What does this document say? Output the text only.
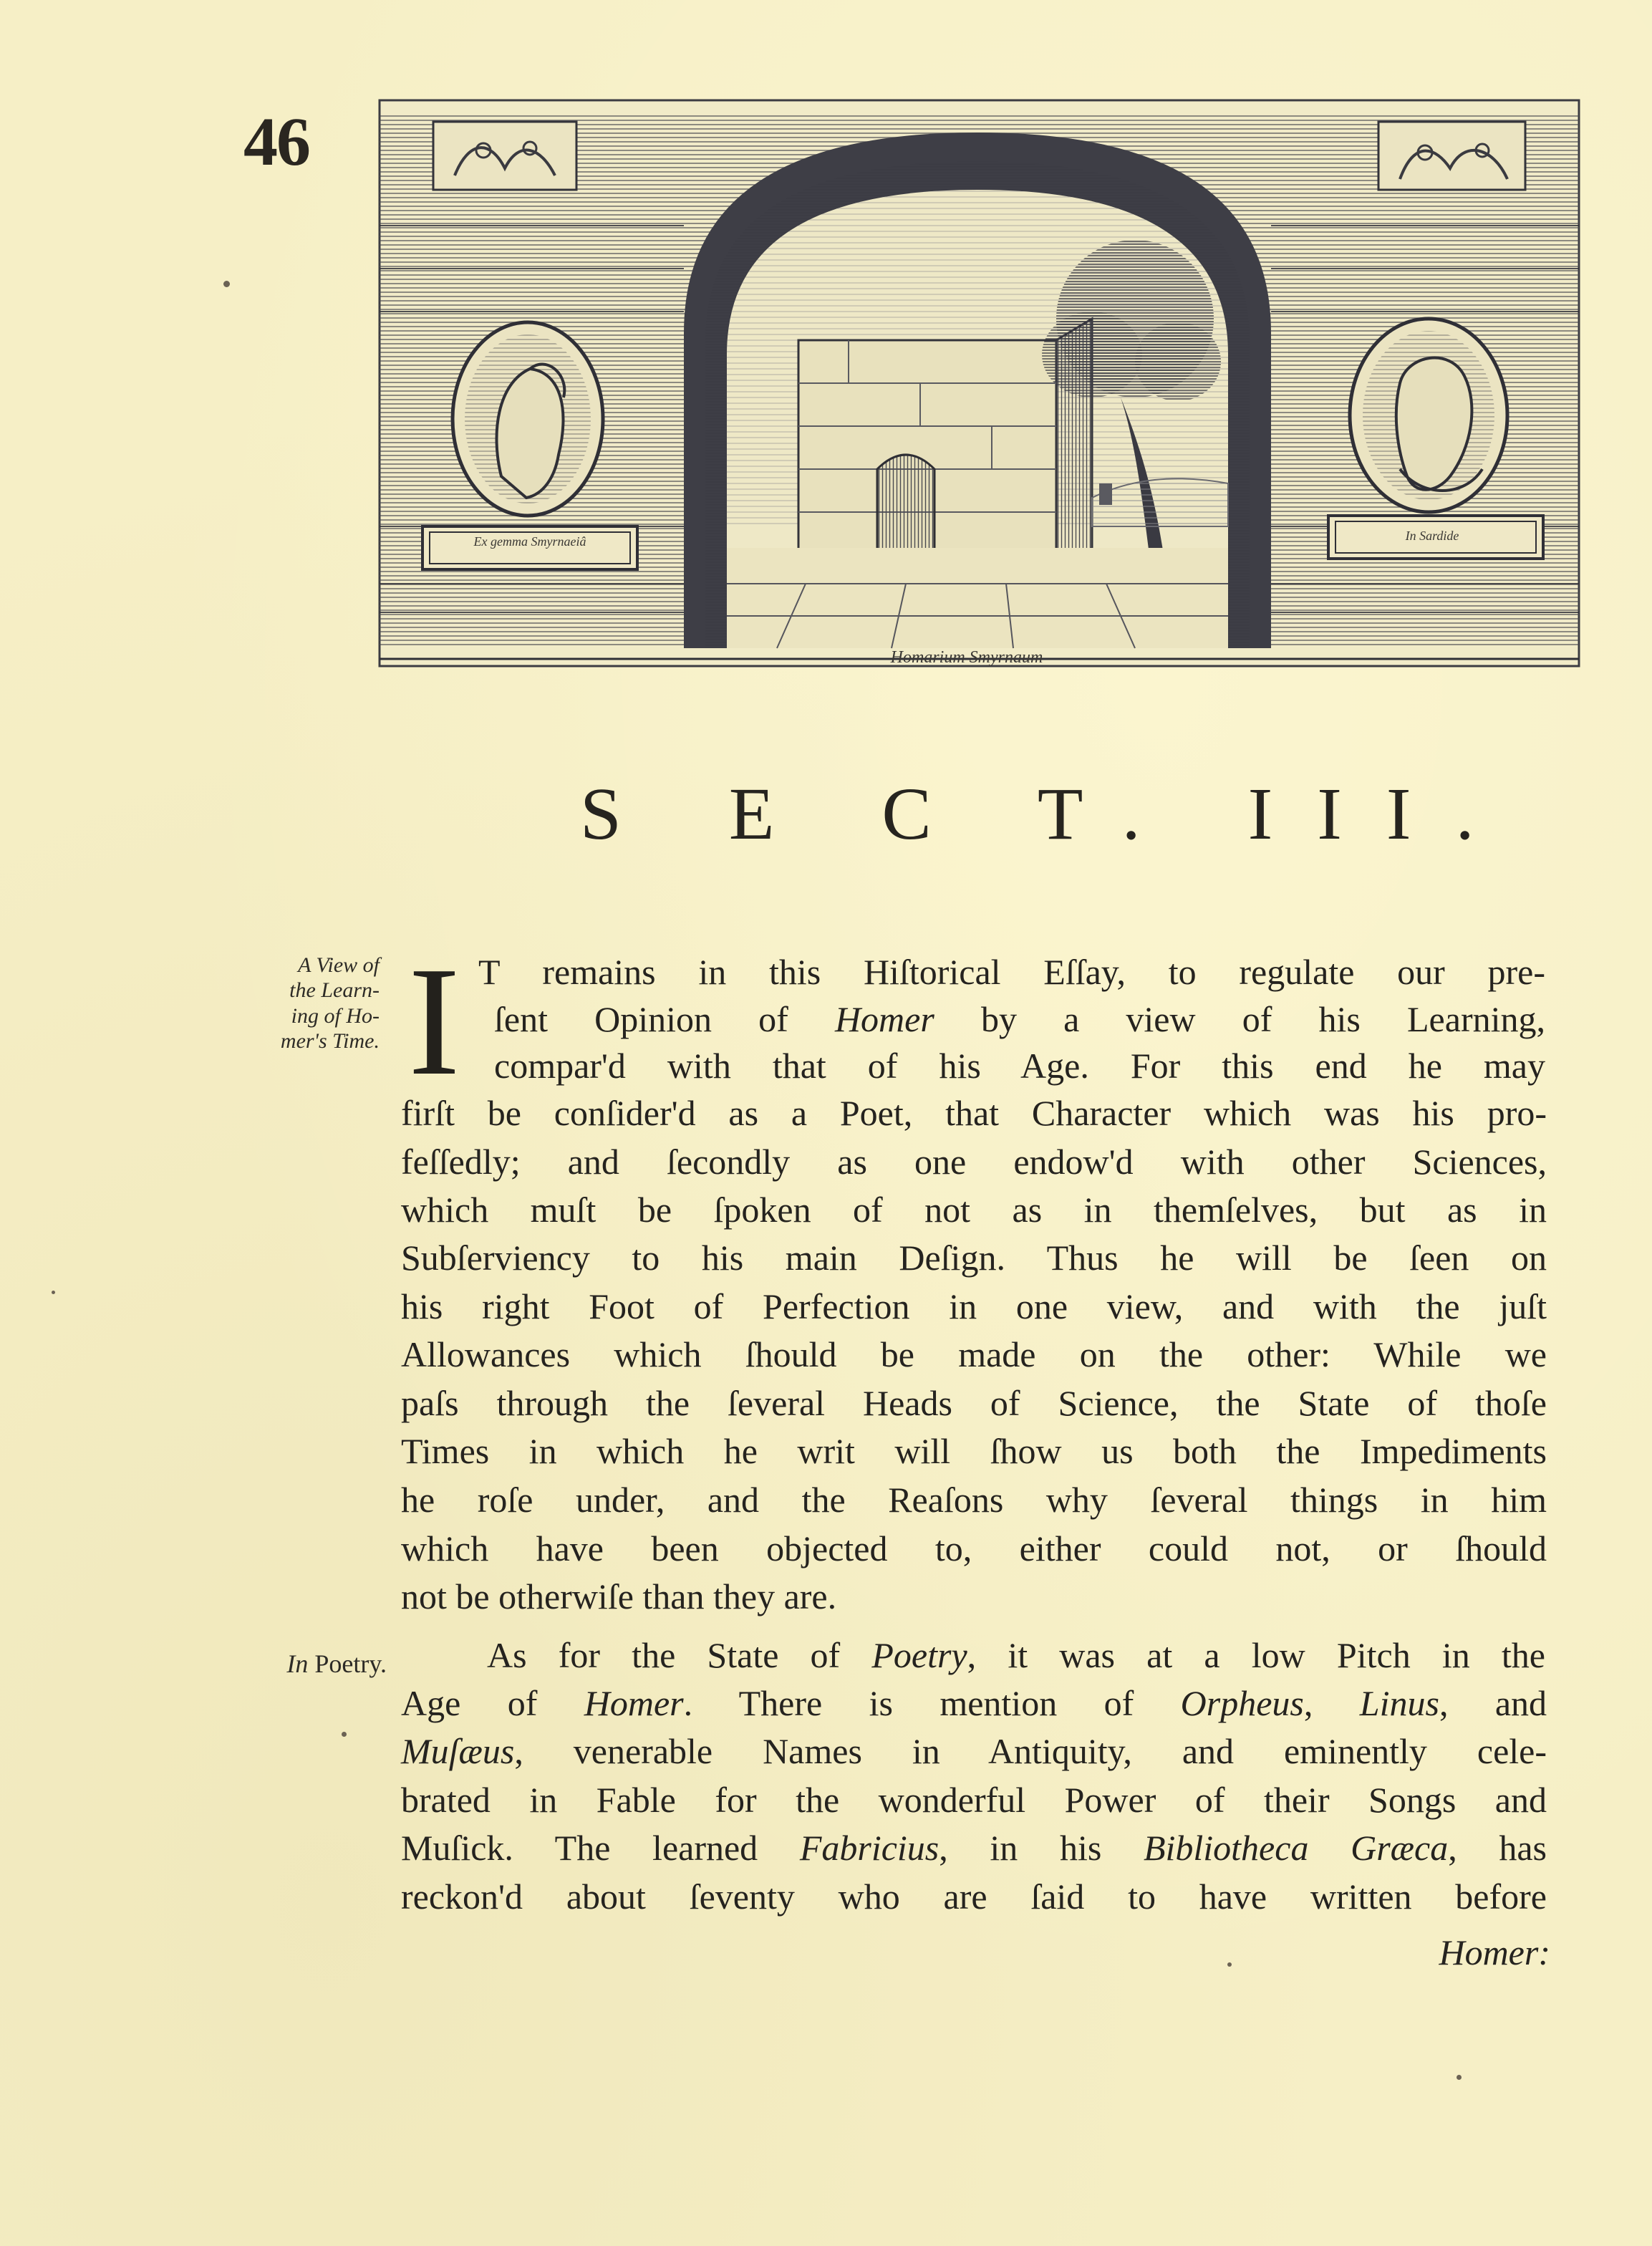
46
Ex gemma Smyrnaeiâ	In Sardide
Homarium Smyrnaum
S E C T. III.
A View of
the Learn-
ing of Ho-
mer's Time.
In Poetry.
I T remains in this Hiſtorical Eſſay, to regulate our pre-
ſent Opinion of Homer by a view of his Learning,
compar'd with that of his Age. For this end he may
firſt be conſider'd as a Poet, that Character which was his pro-
feſſedly; and ſecondly as one endow'd with other Sciences,
which muſt be ſpoken of not as in themſelves, but as in
Subſerviency to his main Deſign. Thus he will be ſeen on
his right Foot of Perfection in one view, and with the juſt
Allowances which ſhould be made on the other: While we
paſs through the ſeveral Heads of Science, the State of thoſe
Times in which he writ will ſhow us both the Impediments
he roſe under, and the Reaſons why ſeveral things in him
which have been objected to, either could not, or ſhould
not be otherwiſe than they are.
As for the State of Poetry, it was at a low Pitch in the
Age of Homer. There is mention of Orpheus, Linus, and
Muſæus, venerable Names in Antiquity, and eminently cele-
brated in Fable for the wonderful Power of their Songs and
Muſick. The learned Fabricius, in his Bibliotheca Græca, has
reckon'd about ſeventy who are ſaid to have written before
Homer:
